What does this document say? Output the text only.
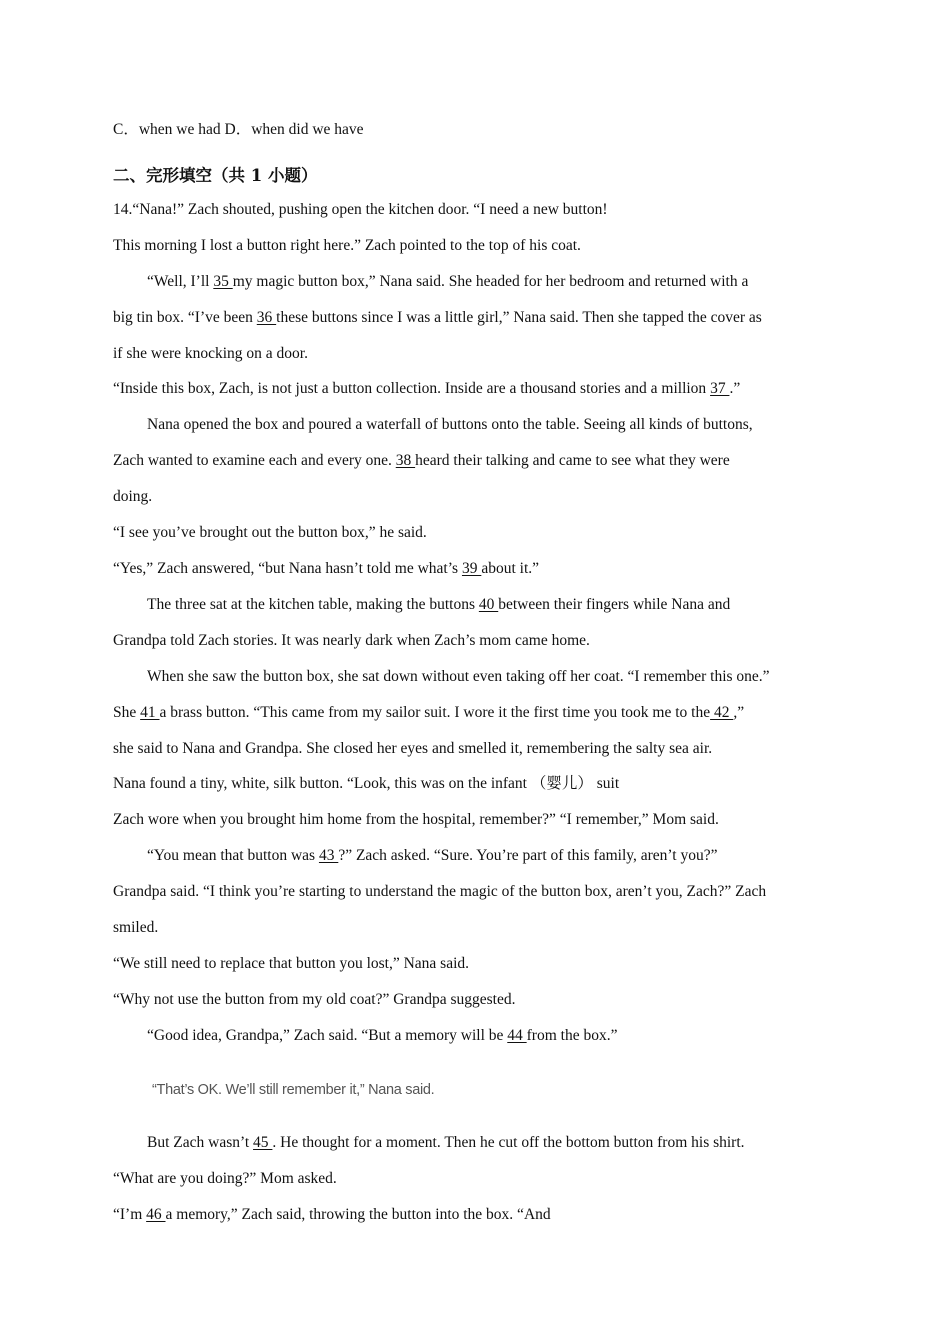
C．when we had D．when did we have
二、完形填空（共 1 小题）
14.“Nana!” Zach shouted, pushing open the kitchen door. “I need a new button!
This morning I lost a button right here.” Zach pointed to the top of his coat.
“Well, I’ll 35 my magic button box,” Nana said. She headed for her bedroom and returned with a
big tin box. “I’ve been 36 these buttons since I was a little girl,” Nana said. Then she tapped the cover as
if she were knocking on a door.
“Inside this box, Zach, is not just a button collection. Inside are a thousand stories and a million 37 .”
Nana opened the box and poured a waterfall of buttons onto the table. Seeing all kinds of buttons,
Zach wanted to examine each and every one. 38 heard their talking and came to see what they were
doing.
“I see you’ve brought out the button box,” he said.
“Yes,” Zach answered, “but Nana hasn’t told me what’s 39 about it.”
The three sat at the kitchen table, making the buttons 40 between their fingers while Nana and
Grandpa told Zach stories. It was nearly dark when Zach’s mom came home.
When she saw the button box, she sat down without even taking off her coat. “I remember this one.”
She 41 a brass button. “This came from my sailor suit. I wore it the first time you took me to the 42 ,”
she said to Nana and Grandpa. She closed her eyes and smelled it, remembering the salty sea air.
Nana found a tiny, white, silk button. “Look, this was on the infant （婴儿） suit
Zach wore when you brought him home from the hospital, remember?” “I remember,” Mom said.
“You mean that button was 43 ?” Zach asked. “Sure. You’re part of this family, aren’t you?”
Grandpa said. “I think you’re starting to understand the magic of the button box, aren’t you, Zach?” Zach
smiled.
“We still need to replace that button you lost,” Nana said.
“Why not use the button from my old coat?” Grandpa suggested.
“Good idea, Grandpa,” Zach said. “But a memory will be 44 from the box.”
“That’s OK. We’ll still remember it,” Nana said.
But Zach wasn’t 45 . He thought for a moment. Then he cut off the bottom button from his shirt.
“What are you doing?” Mom asked.
“I’m 46 a memory,” Zach said, throwing the button into the box. “And
